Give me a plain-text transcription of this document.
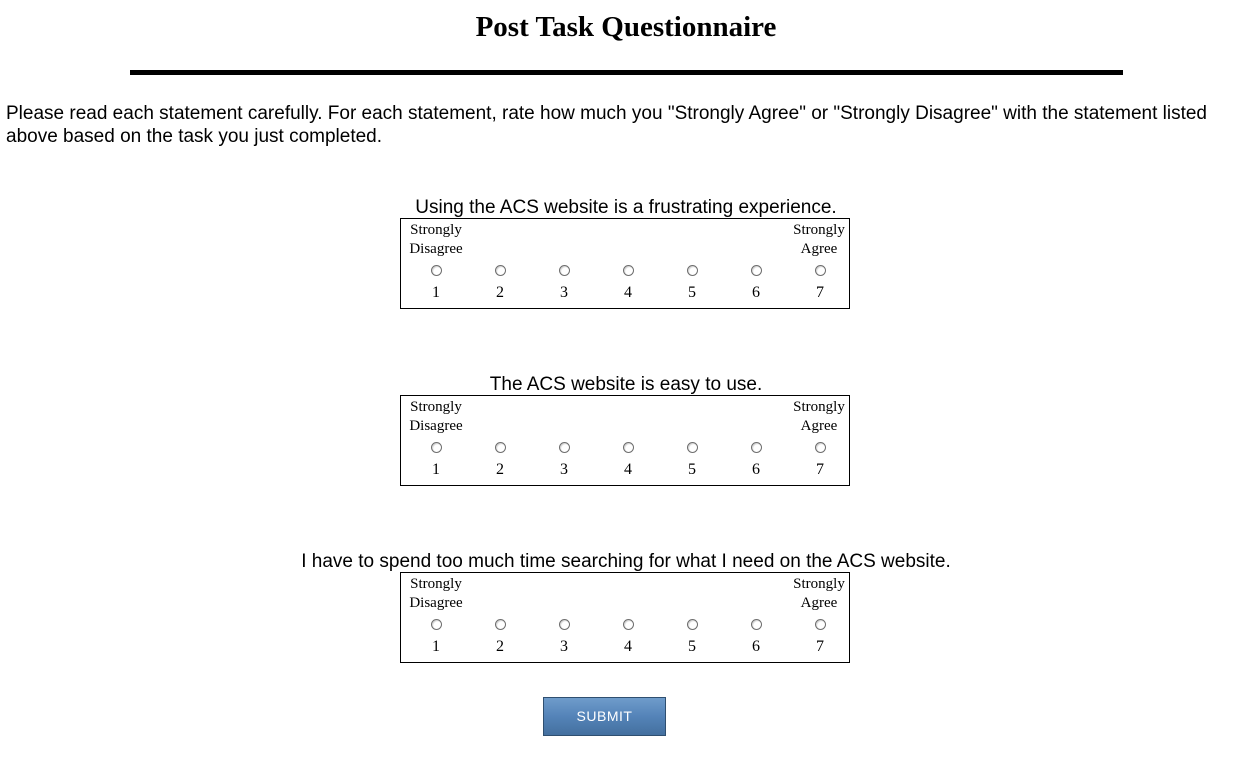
Post Task Questionnaire
Please read each statement carefully. For each statement, rate how much you "Strongly Agree" or "Strongly Disagree" with the statement listed above based on the task you just completed.
Using the ACS website is a frustrating experience.
Strongly
Disagree
Strongly
Agree
1	2	3	4	5	6	7
The ACS website is easy to use.
Strongly
Disagree
Strongly
Agree
1	2	3	4	5	6	7
I have to spend too much time searching for what I need on the ACS website.
Strongly
Disagree
Strongly
Agree
1	2	3	4	5	6	7
SUBMIT
